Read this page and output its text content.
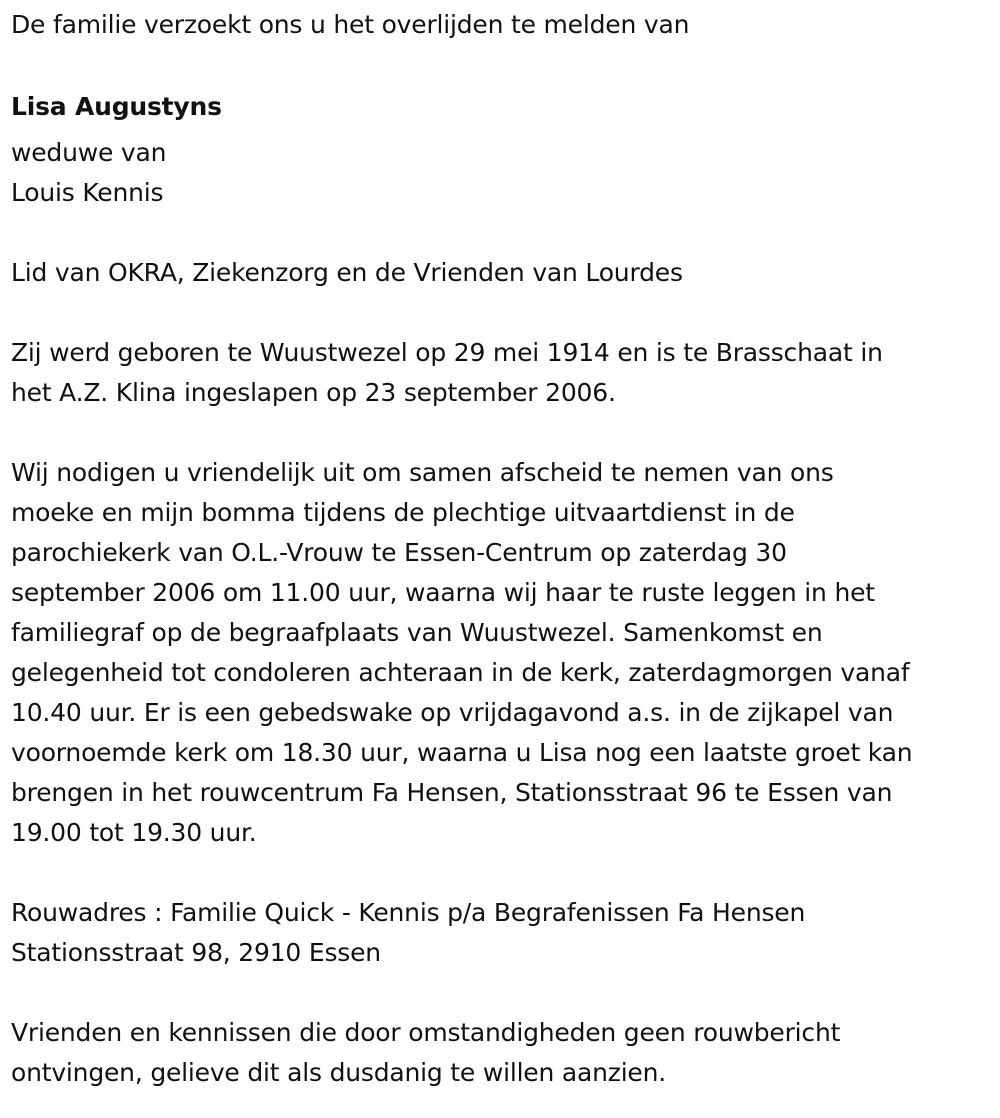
De familie verzoekt ons u het overlijden te melden van
Lisa Augustyns
weduwe van
Louis Kennis
Lid van OKRA, Ziekenzorg en de Vrienden van Lourdes
Zij werd geboren te Wuustwezel op 29 mei 1914 en is te Brasschaat in
het A.Z. Klina ingeslapen op 23 september 2006.
Wij nodigen u vriendelijk uit om samen afscheid te nemen van ons
moeke en mijn bomma tijdens de plechtige uitvaartdienst in de
parochiekerk van O.L.-Vrouw te Essen-Centrum op zaterdag 30
september 2006 om 11.00 uur, waarna wij haar te ruste leggen in het
familiegraf op de begraafplaats van Wuustwezel. Samenkomst en
gelegenheid tot condoleren achteraan in de kerk, zaterdagmorgen vanaf
10.40 uur. Er is een gebedswake op vrijdagavond a.s. in de zijkapel van
voornoemde kerk om 18.30 uur, waarna u Lisa nog een laatste groet kan
brengen in het rouwcentrum Fa Hensen, Stationsstraat 96 te Essen van
19.00 tot 19.30 uur.
Rouwadres : Familie Quick - Kennis p/a Begrafenissen Fa Hensen
Stationsstraat 98, 2910 Essen
Vrienden en kennissen die door omstandigheden geen rouwbericht
ontvingen, gelieve dit als dusdanig te willen aanzien.
